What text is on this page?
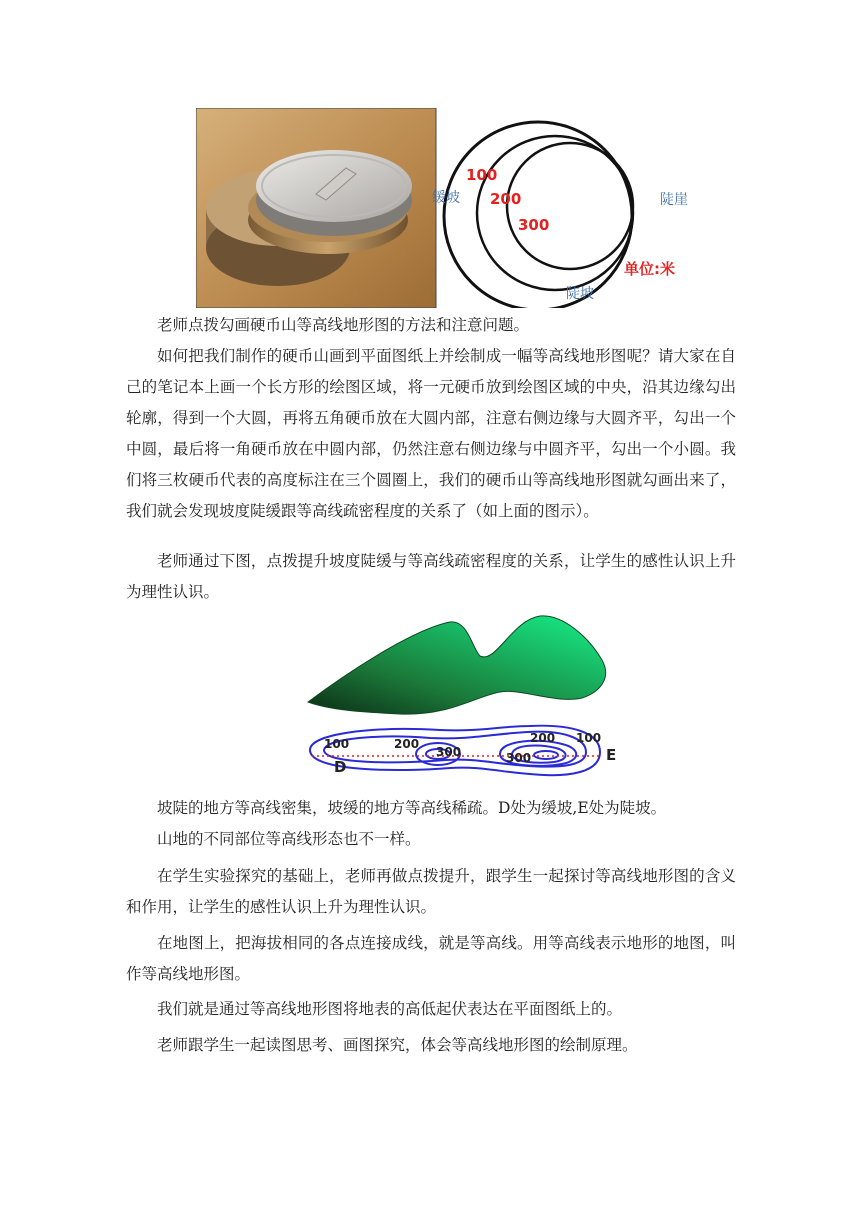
100
200
300
缓坡	陡崖
陡坡
单位:米

老师点拨勾画硬币山等高线地形图的方法和注意问题。

如何把我们制作的硬币山画到平面图纸上并绘制成一幅等高线地形图呢？请大家在自己的笔记本上画一个长方形的绘图区域，将一元硬币放到绘图区域的中央，沿其边缘勾出轮廓，得到一个大圆，再将五角硬币放在大圆内部，注意右侧边缘与大圆齐平，勾出一个中圆，最后将一角硬币放在中圆内部，仍然注意右侧边缘与中圆齐平，勾出一个小圆。我们将三枚硬币代表的高度标注在三个圆圈上，我们的硬币山等高线地形图就勾画出来了，我们就会发现坡度陡缓跟等高线疏密程度的关系了（如上面的图示）。

老师通过下图，点拨提升坡度陡缓与等高线疏密程度的关系，让学生的感性认识上升为理性认识。

100	200
300
200 100
300
D
E

坡陡的地方等高线密集，坡缓的地方等高线稀疏。D处为缓坡,E处为陡坡。

山地的不同部位等高线形态也不一样。

在学生实验探究的基础上，老师再做点拨提升，跟学生一起探讨等高线地形图的含义和作用，让学生的感性认识上升为理性认识。

在地图上，把海拔相同的各点连接成线，就是等高线。用等高线表示地形的地图，叫作等高线地形图。

我们就是通过等高线地形图将地表的高低起伏表达在平面图纸上的。

老师跟学生一起读图思考、画图探究，体会等高线地形图的绘制原理。
